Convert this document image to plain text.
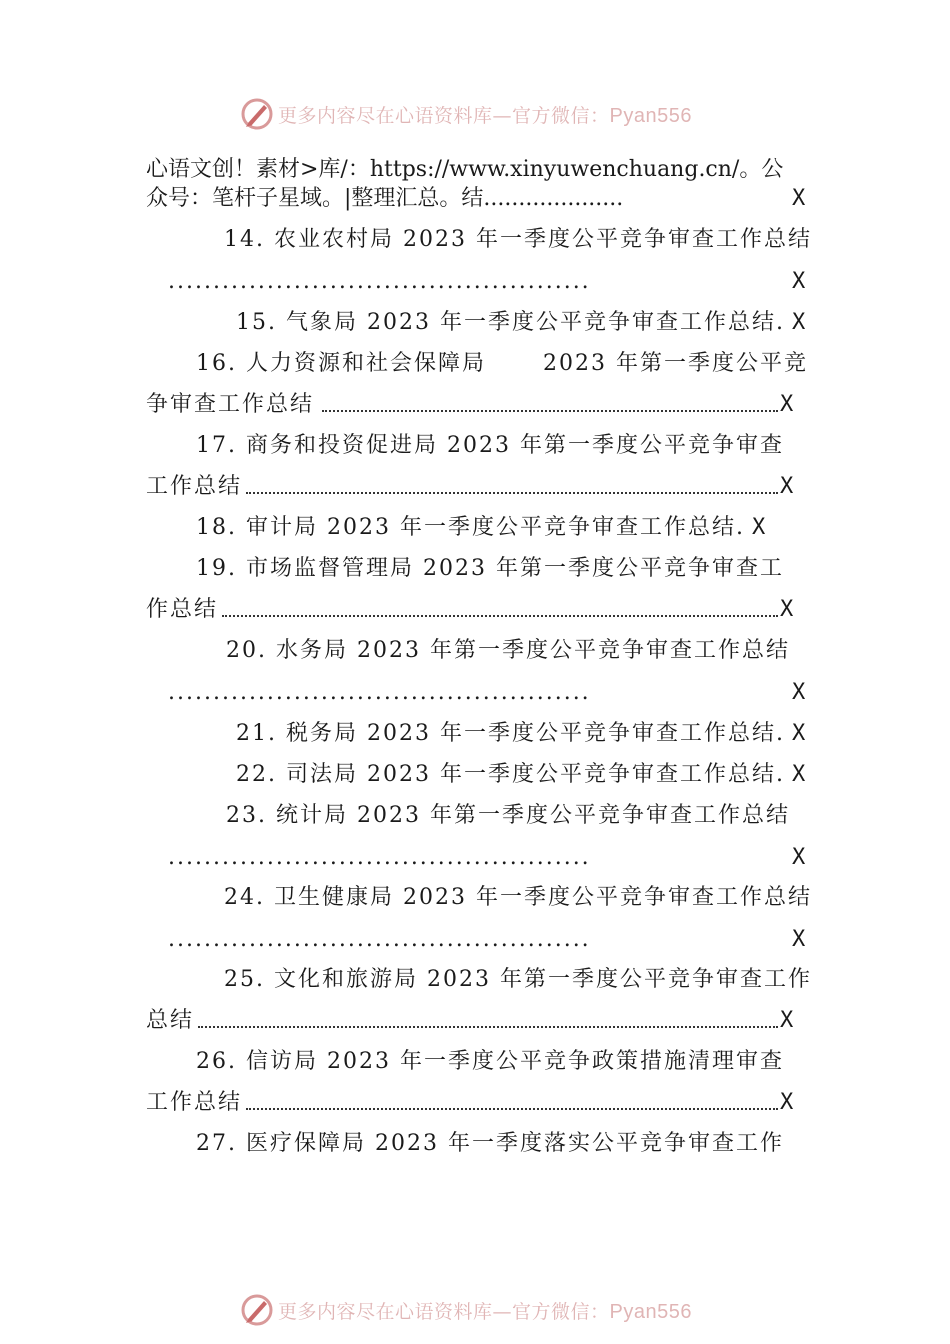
更多内容尽在心语资料库—官方微信：Pyan556
心语文创！素材>库/：https://www.xinyuwenchuang.cn/。公
众号：笔杆子星域。|整理汇总。结....................	X
14. 农业农村局 2023 年一季度公平竞争审查工作总结
...............................................	X
15. 气象局 2023 年一季度公平竞争审查工作总结. X
16. 人力资源和社会保障局 　　2023 年第一季度公平竞
争审查工作总结	X
17. 商务和投资促进局 2023 年第一季度公平竞争审查
工作总结	X
18. 审计局 2023 年一季度公平竞争审查工作总结. X
19. 市场监督管理局 2023 年第一季度公平竞争审查工
作总结	X
20. 水务局 2023 年第一季度公平竞争审查工作总结
...............................................	X
21. 税务局 2023 年一季度公平竞争审查工作总结. X
22. 司法局 2023 年一季度公平竞争审查工作总结. X
23. 统计局 2023 年第一季度公平竞争审查工作总结
...............................................	X
24. 卫生健康局 2023 年一季度公平竞争审查工作总结
...............................................	X
25. 文化和旅游局 2023 年第一季度公平竞争审查工作
总结	X
26. 信访局 2023 年一季度公平竞争政策措施清理审查
工作总结	X
27. 医疗保障局 2023 年一季度落实公平竞争审查工作
更多内容尽在心语资料库—官方微信：Pyan556
